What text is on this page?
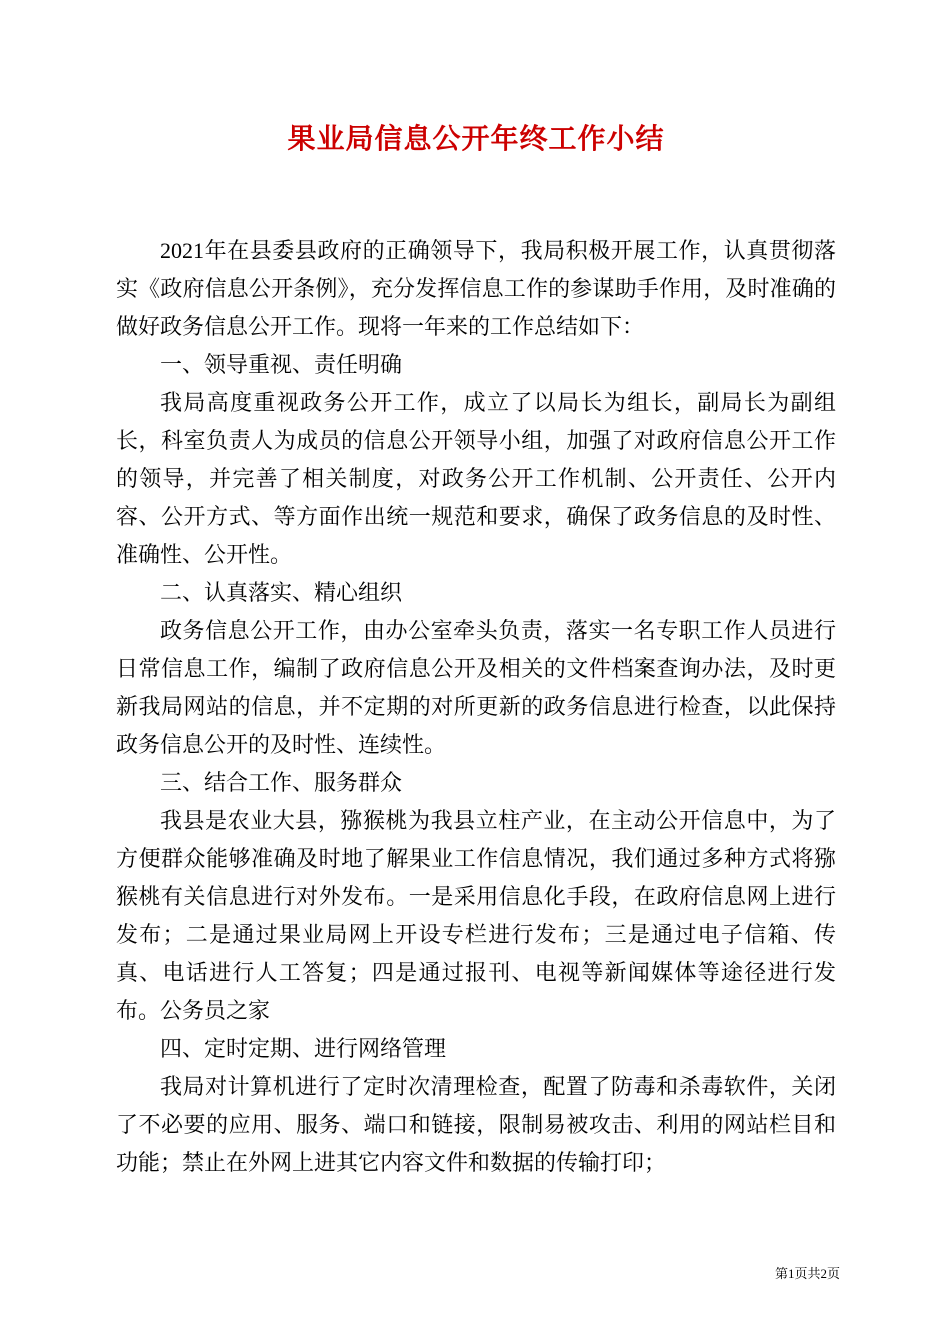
果业局信息公开年终工作小结

2021年在县委县政府的正确领导下，我局积极开展工作，认真贯彻落实《政府信息公开条例》，充分发挥信息工作的参谋助手作用，及时准确的做好政务信息公开工作。现将一年来的工作总结如下：

一、领导重视、责任明确

我局高度重视政务公开工作，成立了以局长为组长，副局长为副组长，科室负责人为成员的信息公开领导小组，加强了对政府信息公开工作的领导，并完善了相关制度，对政务公开工作机制、公开责任、公开内容、公开方式、等方面作出统一规范和要求，确保了政务信息的及时性、准确性、公开性。

二、认真落实、精心组织

政务信息公开工作，由办公室牵头负责，落实一名专职工作人员进行日常信息工作，编制了政府信息公开及相关的文件档案查询办法，及时更新我局网站的信息，并不定期的对所更新的政务信息进行检查，以此保持政务信息公开的及时性、连续性。

三、结合工作、服务群众

我县是农业大县，猕猴桃为我县立柱产业，在主动公开信息中，为了方便群众能够准确及时地了解果业工作信息情况，我们通过多种方式将猕猴桃有关信息进行对外发布。一是采用信息化手段，在政府信息网上进行发布；二是通过果业局网上开设专栏进行发布；三是通过电子信箱、传真、电话进行人工答复；四是通过报刊、电视等新闻媒体等途径进行发布。公务员之家

四、定时定期、进行网络管理

我局对计算机进行了定时次清理检查，配置了防毒和杀毒软件，关闭了不必要的应用、服务、端口和链接，限制易被攻击、利用的网站栏目和功能；禁止在外网上进其它内容文件和数据的传输打印；

第1页共2页
